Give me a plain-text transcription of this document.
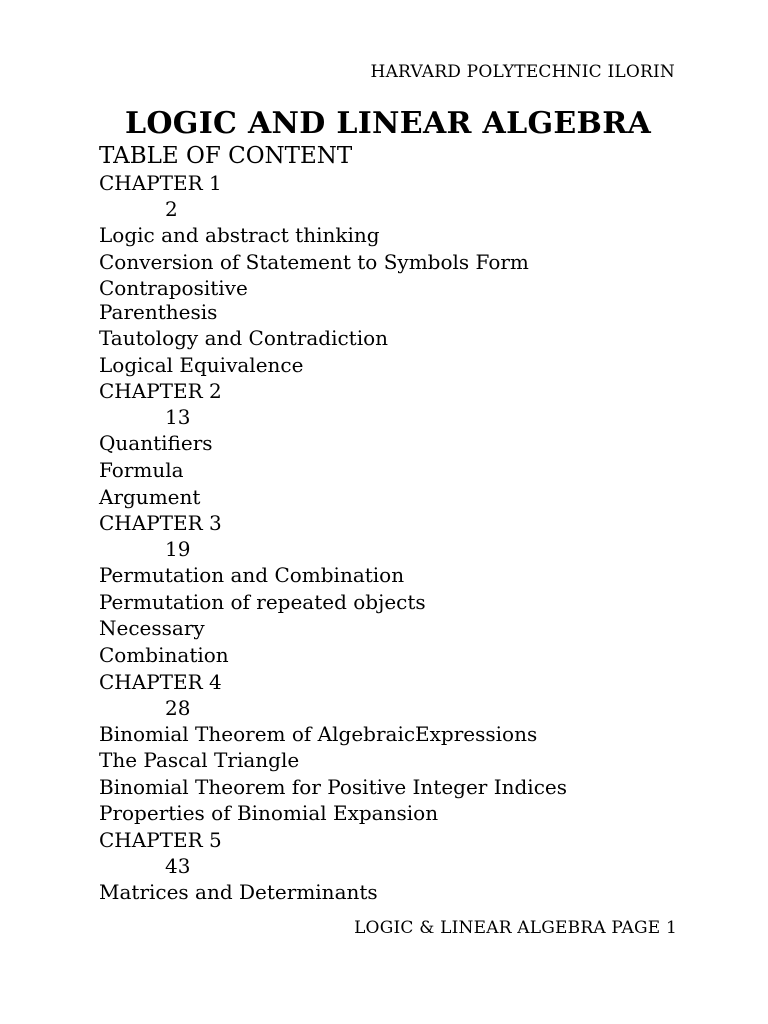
HARVARD POLYTECHNIC ILORIN
LOGIC AND LINEAR ALGEBRA
TABLE OF CONTENT
CHAPTER 1
2
Logic and abstract thinking
Conversion of Statement to Symbols Form
Contrapositive
Parenthesis
Tautology and Contradiction
Logical Equivalence
CHAPTER 2
13
Quantifiers
Formula
Argument
CHAPTER 3
19
Permutation and Combination
Permutation of repeated objects
Necessary
Combination
CHAPTER 4
28
Binomial Theorem of AlgebraicExpressions
The Pascal Triangle
Binomial Theorem for Positive Integer Indices
Properties of Binomial Expansion
CHAPTER 5
43
Matrices and Determinants
LOGIC & LINEAR ALGEBRA PAGE 1
